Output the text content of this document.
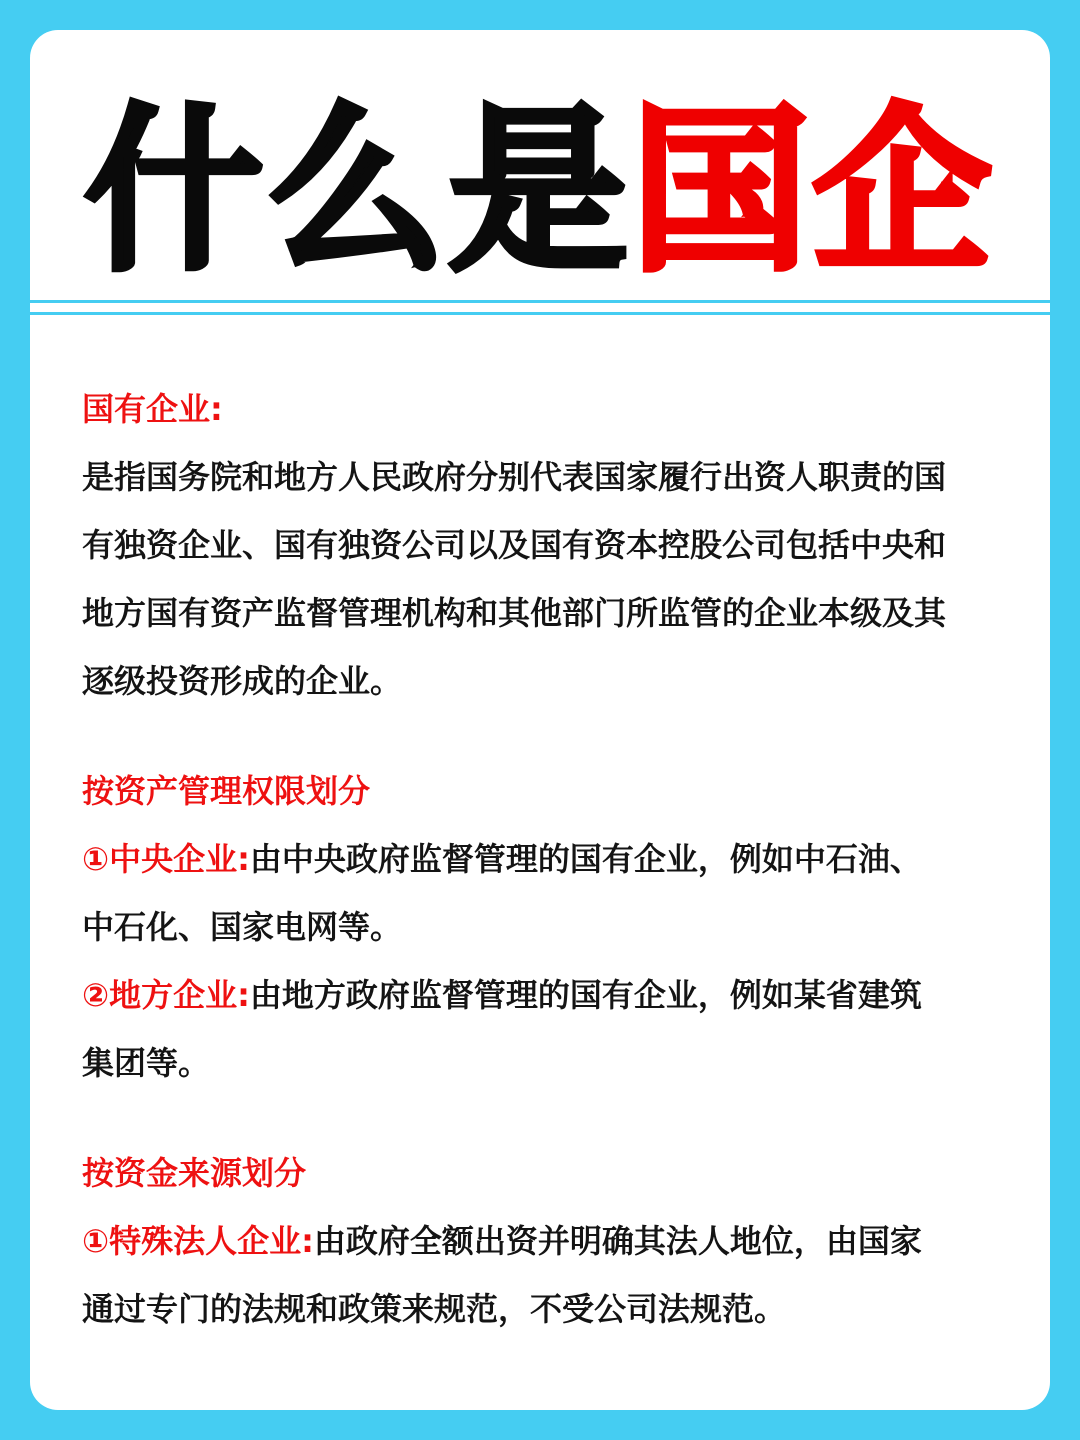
什么是国企
国有企业:
是指国务院和地方人民政府分别代表国家履行出资人职责的国
有独资企业、国有独资公司以及国有资本控股公司包括中央和
地方国有资产监督管理机构和其他部门所监管的企业本级及其
逐级投资形成的企业。
按资产管理权限划分
①中央企业:由中央政府监督管理的国有企业，例如中石油、
中石化、国家电网等。
②地方企业:由地方政府监督管理的国有企业，例如某省建筑
集团等。
按资金来源划分
①特殊法人企业:由政府全额出资并明确其法人地位，由国家
通过专门的法规和政策来规范，不受公司法规范。
